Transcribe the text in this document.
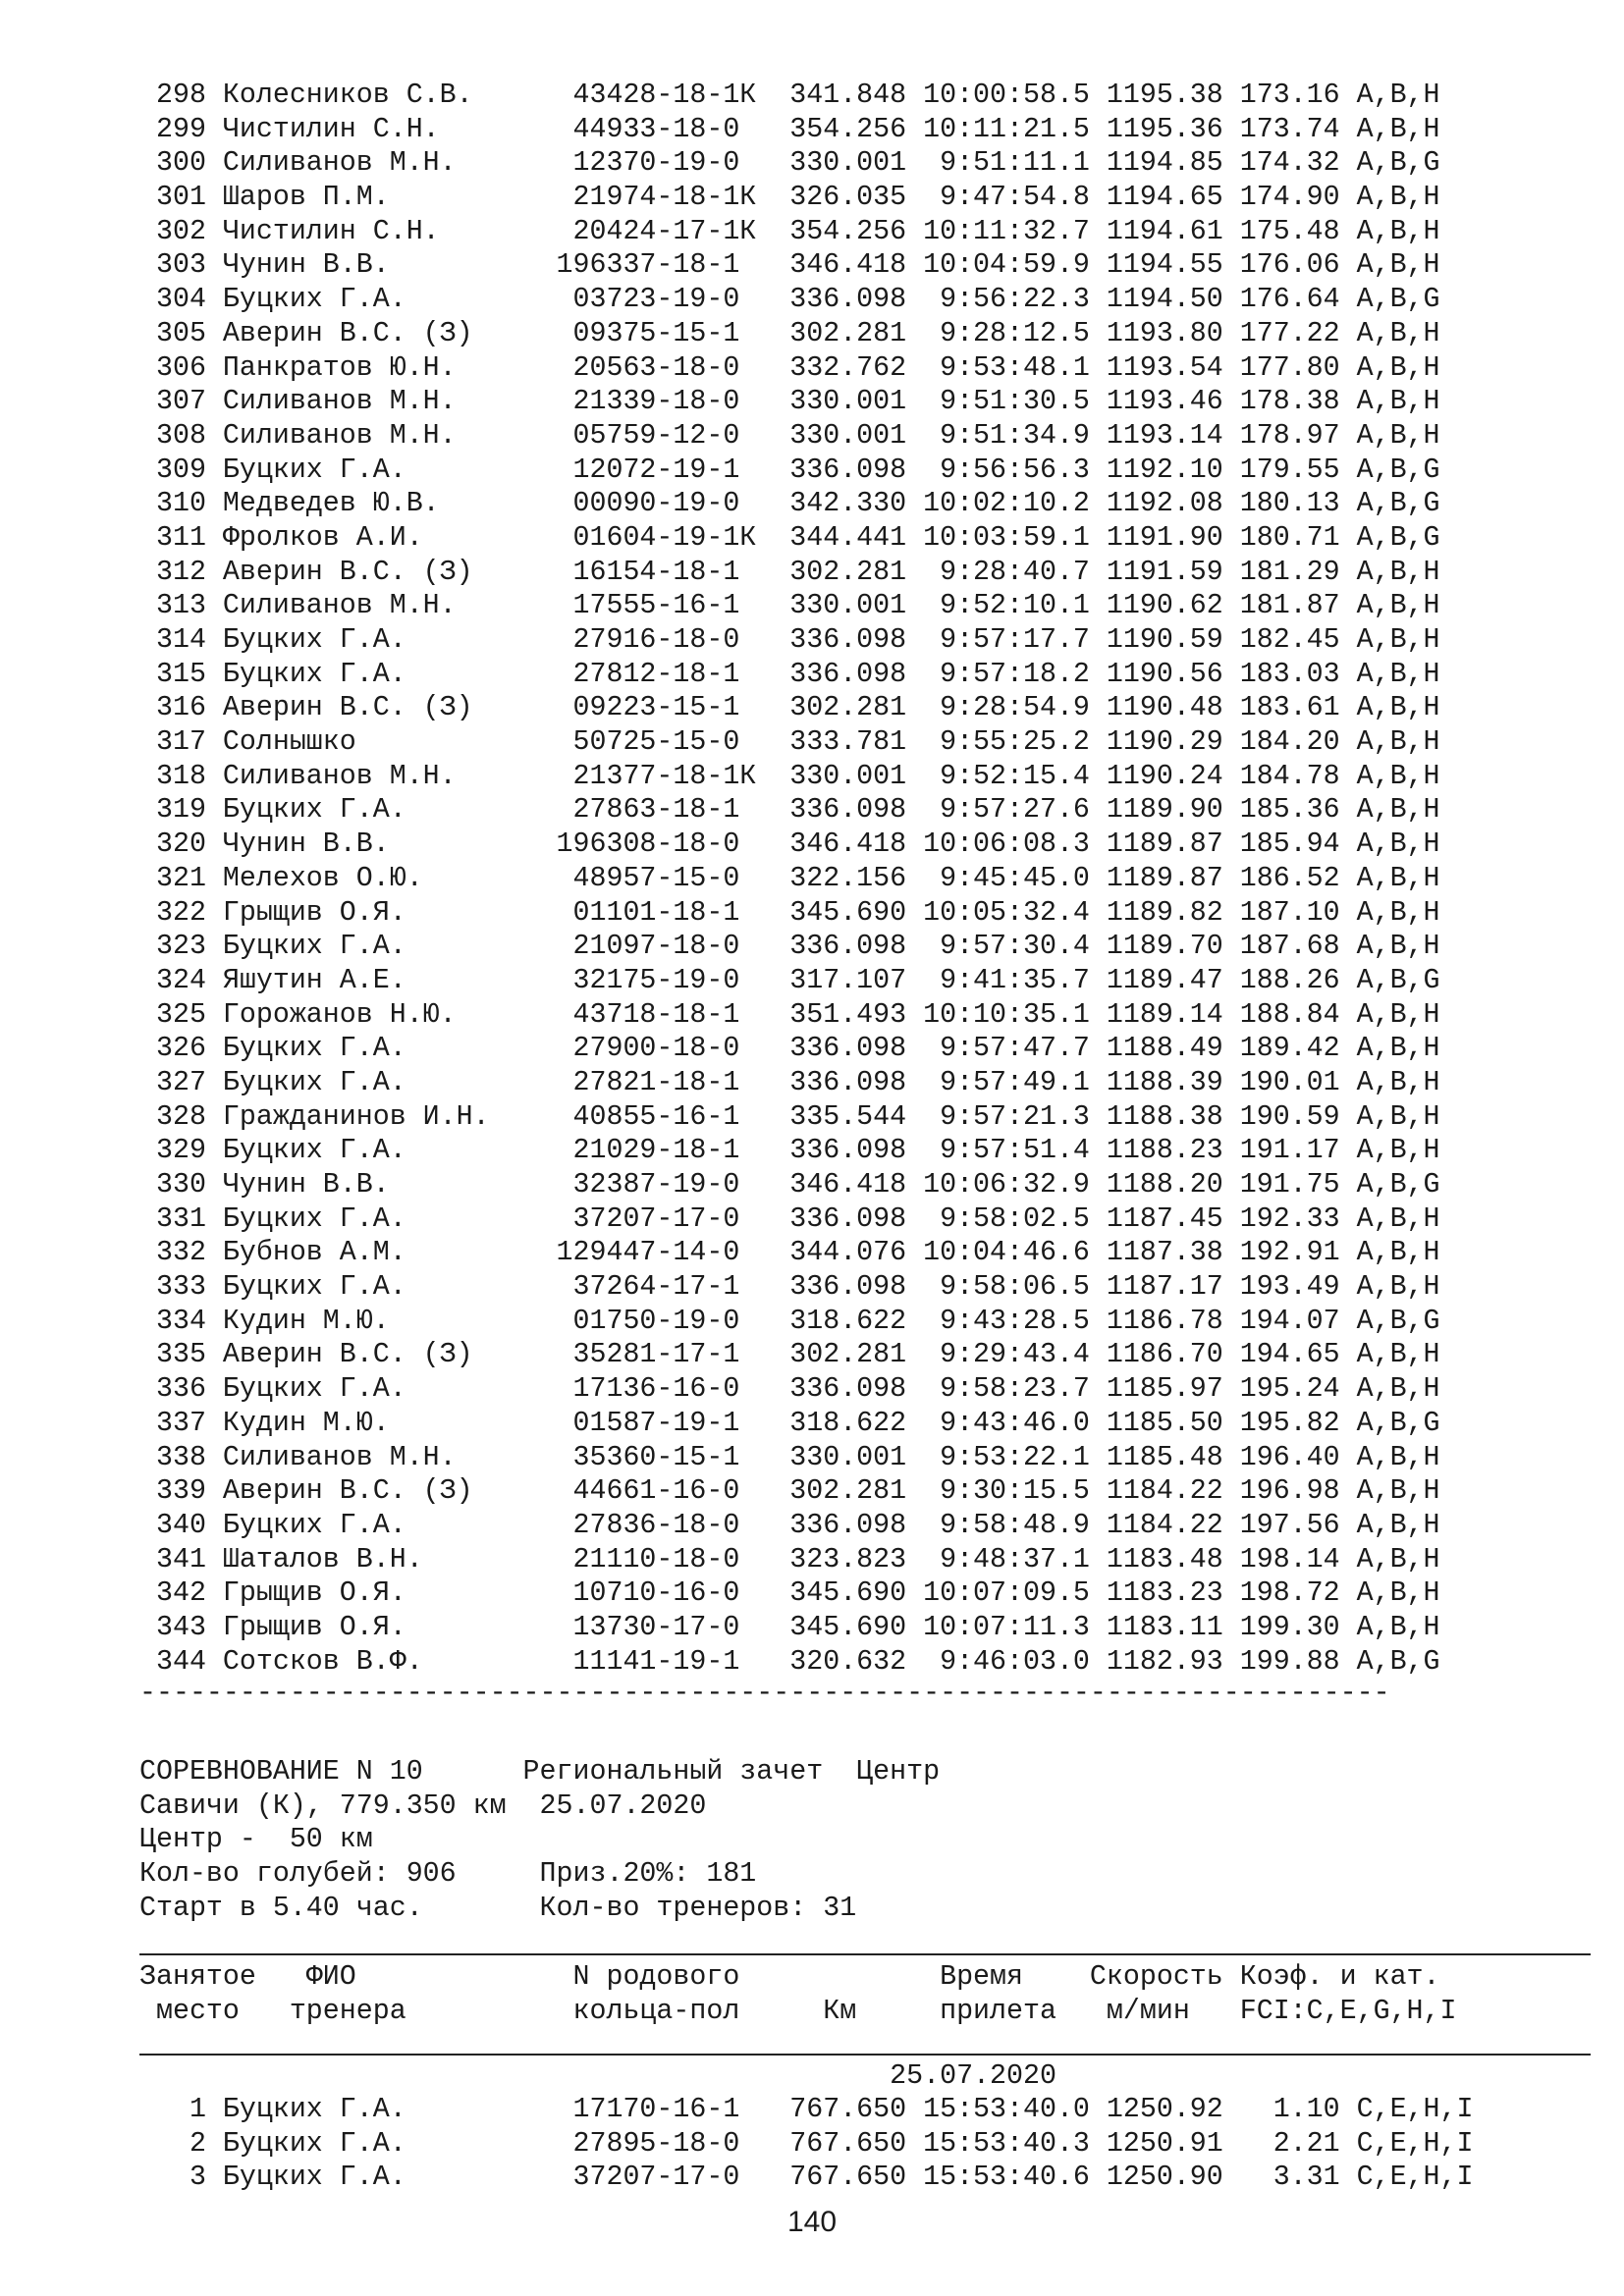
298 Колесников С.В.      43428-18-1К  341.848 10:00:58.5 1195.38 173.16 A,B,H
299 Чистилин С.Н.        44933-18-0   354.256 10:11:21.5 1195.36 173.74 A,B,H
300 Силиванов М.Н.       12370-19-0   330.001  9:51:11.1 1194.85 174.32 A,B,G
301 Шаров П.М.           21974-18-1К  326.035  9:47:54.8 1194.65 174.90 A,B,H
302 Чистилин С.Н.        20424-17-1К  354.256 10:11:32.7 1194.61 175.48 A,B,H
303 Чунин В.В.          196337-18-1   346.418 10:04:59.9 1194.55 176.06 A,B,H
304 Буцких Г.А.          03723-19-0   336.098  9:56:22.3 1194.50 176.64 A,B,G
305 Аверин В.С. (З)      09375-15-1   302.281  9:28:12.5 1193.80 177.22 A,B,H
306 Панкратов Ю.Н.       20563-18-0   332.762  9:53:48.1 1193.54 177.80 A,B,H
307 Силиванов М.Н.       21339-18-0   330.001  9:51:30.5 1193.46 178.38 A,B,H
308 Силиванов М.Н.       05759-12-0   330.001  9:51:34.9 1193.14 178.97 A,B,H
309 Буцких Г.А.          12072-19-1   336.098  9:56:56.3 1192.10 179.55 A,B,G
310 Медведев Ю.В.        00090-19-0   342.330 10:02:10.2 1192.08 180.13 A,B,G
311 Фролков А.И.         01604-19-1К  344.441 10:03:59.1 1191.90 180.71 A,B,G
312 Аверин В.С. (З)      16154-18-1   302.281  9:28:40.7 1191.59 181.29 A,B,H
313 Силиванов М.Н.       17555-16-1   330.001  9:52:10.1 1190.62 181.87 A,B,H
314 Буцких Г.А.          27916-18-0   336.098  9:57:17.7 1190.59 182.45 A,B,H
315 Буцких Г.А.          27812-18-1   336.098  9:57:18.2 1190.56 183.03 A,B,H
316 Аверин В.С. (З)      09223-15-1   302.281  9:28:54.9 1190.48 183.61 A,B,H
317 Солнышко             50725-15-0   333.781  9:55:25.2 1190.29 184.20 A,B,H
318 Силиванов М.Н.       21377-18-1К  330.001  9:52:15.4 1190.24 184.78 A,B,H
319 Буцких Г.А.          27863-18-1   336.098  9:57:27.6 1189.90 185.36 A,B,H
320 Чунин В.В.          196308-18-0   346.418 10:06:08.3 1189.87 185.94 A,B,H
321 Мелехов О.Ю.         48957-15-0   322.156  9:45:45.0 1189.87 186.52 A,B,H
322 Грыщив О.Я.          01101-18-1   345.690 10:05:32.4 1189.82 187.10 A,B,H
323 Буцких Г.А.          21097-18-0   336.098  9:57:30.4 1189.70 187.68 A,B,H
324 Яшутин А.Е.          32175-19-0   317.107  9:41:35.7 1189.47 188.26 A,B,G
325 Горожанов Н.Ю.       43718-18-1   351.493 10:10:35.1 1189.14 188.84 A,B,H
326 Буцких Г.А.          27900-18-0   336.098  9:57:47.7 1188.49 189.42 A,B,H
327 Буцких Г.А.          27821-18-1   336.098  9:57:49.1 1188.39 190.01 A,B,H
328 Гражданинов И.Н.     40855-16-1   335.544  9:57:21.3 1188.38 190.59 A,B,H
329 Буцких Г.А.          21029-18-1   336.098  9:57:51.4 1188.23 191.17 A,B,H
330 Чунин В.В.           32387-19-0   346.418 10:06:32.9 1188.20 191.75 A,B,G
331 Буцких Г.А.          37207-17-0   336.098  9:58:02.5 1187.45 192.33 A,B,H
332 Бубнов А.М.         129447-14-0   344.076 10:04:46.6 1187.38 192.91 A,B,H
333 Буцких Г.А.          37264-17-1   336.098  9:58:06.5 1187.17 193.49 A,B,H
334 Кудин М.Ю.           01750-19-0   318.622  9:43:28.5 1186.78 194.07 A,B,G
335 Аверин В.С. (З)      35281-17-1   302.281  9:29:43.4 1186.70 194.65 A,B,H
336 Буцких Г.А.          17136-16-0   336.098  9:58:23.7 1185.97 195.24 A,B,H
337 Кудин М.Ю.           01587-19-1   318.622  9:43:46.0 1185.50 195.82 A,B,G
338 Силиванов М.Н.       35360-15-1   330.001  9:53:22.1 1185.48 196.40 A,B,H
339 Аверин В.С. (З)      44661-16-0   302.281  9:30:15.5 1184.22 196.98 A,B,H
340 Буцких Г.А.          27836-18-0   336.098  9:58:48.9 1184.22 197.56 A,B,H
341 Шаталов В.Н.         21110-18-0   323.823  9:48:37.1 1183.48 198.14 A,B,H
342 Грыщив О.Я.          10710-16-0   345.690 10:07:09.5 1183.23 198.72 A,B,H
343 Грыщив О.Я.          13730-17-0   345.690 10:07:11.3 1183.11 199.30 A,B,H
344 Сотсков В.Ф.         11141-19-1   320.632  9:46:03.0 1182.93 199.88 A,B,G
---------------------------------------------------------------------------
СОРЕВНОВАНИЕ N 10      Региональный зачет  Центр
Савичи (К), 779.350 км  25.07.2020
Центр -  50 км
Кол-во голубей: 906     Приз.20%: 181
Старт в 5.40 час.       Кол-во тренеров: 31
Занятое   ФИО             N родового            Время    Скорость Коэф. и кат.
место   тренера          кольца-пол     Км     прилета   м/мин   FCI:C,E,G,H,I
25.07.2020
1 Буцких Г.А.          17170-16-1   767.650 15:53:40.0 1250.92   1.10 C,E,H,I
2 Буцких Г.А.          27895-18-0   767.650 15:53:40.3 1250.91   2.21 C,E,H,I
3 Буцких Г.А.          37207-17-0   767.650 15:53:40.6 1250.90   3.31 C,E,H,I
140
